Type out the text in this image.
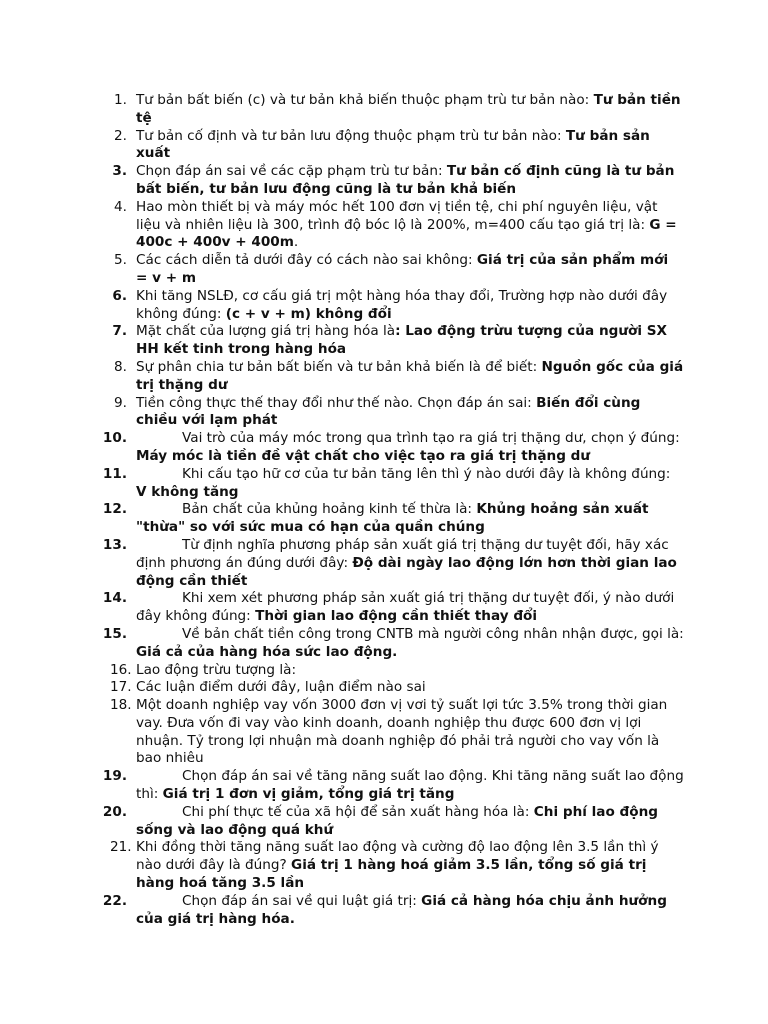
1. Tư bản bất biến (c) và tư bản khả biến thuộc phạm trù tư bản nào: Tư bản tiền tệ
2. Tư bản cố định và tư bản lưu động thuộc phạm trù tư bản nào: Tư bản sản xuất
3. Chọn đáp án sai về các cặp phạm trù tư bản: Tư bản cố định cũng là tư bản bất biến, tư bản lưu động cũng là tư bản khả biến
4. Hao mòn thiết bị và máy móc hết 100 đơn vị tiền tệ, chi phí nguyên liệu, vật liệu và nhiên liệu là 300, trình độ bóc lộ là 200%, m=400 cấu tạo giá trị là: G = 400c + 400v + 400m.
5. Các cách diễn tả dưới đây có cách nào sai không: Giá trị của sản phẩm mới = v + m
6. Khi tăng NSLĐ, cơ cấu giá trị một hàng hóa thay đổi, Trường hợp nào dưới đây không đúng: (c + v + m) không đổi
7. Mặt chất của lượng giá trị hàng hóa là: Lao động trừu tượng của người SX HH kết tinh trong hàng hóa
8. Sự phân chia tư bản bất biến và tư bản khả biến là để biết: Nguồn gốc của giá trị thặng dư
9. Tiền công thực thế thay đổi như thế nào. Chọn đáp án sai: Biến đổi cùng chiều với lạm phát
10.	Vai trò của máy móc trong qua trình tạo ra giá trị thặng dư, chọn ý đúng: Máy móc là tiền đề vật chất cho việc tạo ra giá trị thặng dư
11.	Khi cấu tạo hữ cơ của tư bản tăng lên thì ý nào dưới đây là không đúng: V không tăng
12.	Bản chất của khủng hoảng kinh tế thừa là: Khủng hoảng sản xuất "thừa" so với sức mua có hạn của quần chúng
13.	Từ định nghĩa phương pháp sản xuất giá trị thặng dư tuyệt đối, hãy xác định phương án đúng dưới đây: Độ dài ngày lao động lớn hơn thời gian lao động cần thiết
14.	Khi xem xét phương pháp sản xuất giá trị thặng dư tuyệt đối, ý nào dưới đây không đúng: Thời gian lao động cần thiết thay đổi
15.	Về bản chất tiền công trong CNTB mà người công nhân nhận được, gọi là: Giá cả của hàng hóa sức lao động.
16. Lao động trừu tượng là:
17. Các luận điểm dưới đây, luận điểm nào sai
18. Một doanh nghiệp vay vốn 3000 đơn vị vơi tỷ suất lợi tức 3.5% trong thời gian vay. Đưa vốn đi vay vào kinh doanh, doanh nghiệp thu được 600 đơn vị lợi nhuận. Tỷ trong lợi nhuận mà doanh nghiệp đó phải trả người cho vay vốn là bao nhiêu
19.	Chọn đáp án sai về tăng năng suất lao động. Khi tăng năng suất lao động thì: Giá trị 1 đơn vị giảm, tổng giá trị tăng
20.	Chi phí thực tế của xã hội để sản xuất hàng hóa là: Chi phí lao động sống và lao động quá khứ
21. Khi đồng thời tăng năng suất lao động và cường độ lao động lên 3.5 lần thì ý nào dưới đây là đúng? Giá trị 1 hàng hoá giảm 3.5 lần, tổng số giá trị hàng hoá tăng 3.5 lần
22.	Chọn đáp án sai về qui luật giá trị: Giá cả hàng hóa chịu ảnh hưởng của giá trị hàng hóa.
